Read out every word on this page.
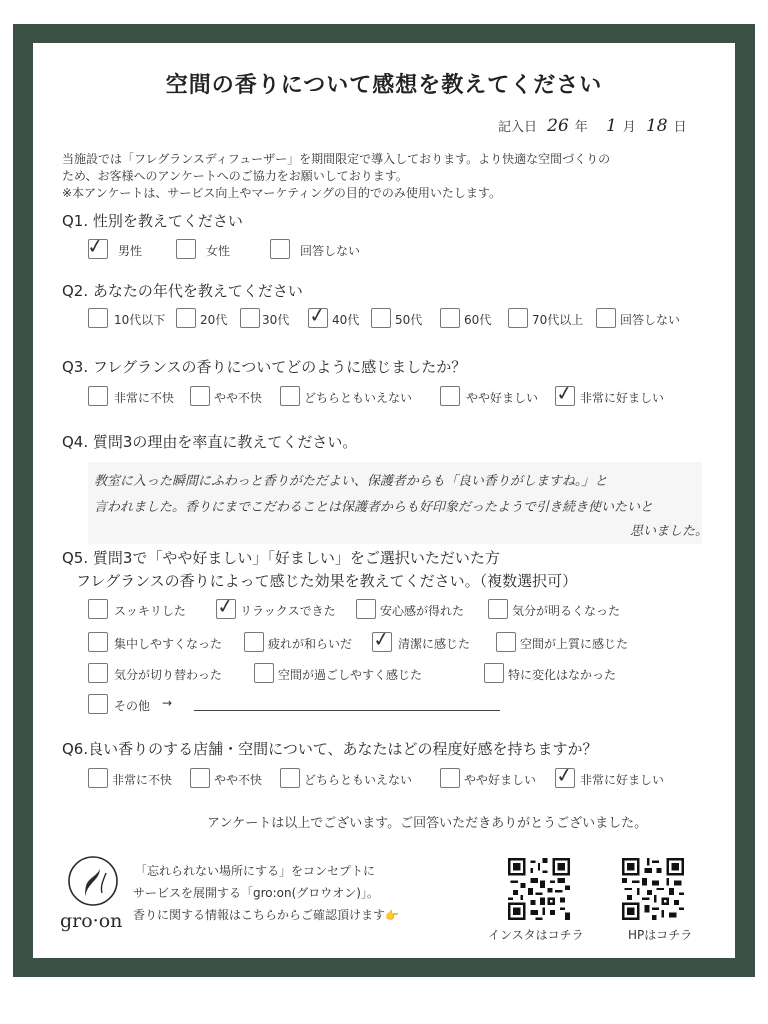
空間の香りについて感想を教えてください
記入日 26 年 1 月 18 日
当施設では「フレグランスディフューザー」を期間限定で導入しております。より快適な空間づくりの
ため、お客様へのアンケートへのご協力をお願いしております。
※本アンケートは、サービス向上やマーケティングの目的でのみ使用いたします。
Q1. 性別を教えてください
✓ 男性	女性	回答しない
Q2. あなたの年代を教えてください
10代以下	20代	30代 ✓ 40代	50代	60代	70代以上	回答しない
Q3. フレグランスの香りについてどのように感じましたか？
非常に不快	やや不快	どちらともいえない	やや好ましい ✓ 非常に好ましい
Q4. 質問3の理由を率直に教えてください。
教室に入った瞬間にふわっと香りがただよい、保護者からも「良い香りがしますね。」と
言われました。香りにまでこだわることは保護者からも好印象だったようで引き続き使いたいと
思いました。
Q5. 質問3で「やや好ましい」「好ましい」をご選択いただいた方
フレグランスの香りによって感じた効果を教えてください。（複数選択可）
スッキリした ✓ リラックスできた	安心感が得れた	気分が明るくなった
集中しやすくなった	疲れが和らいだ ✓ 清潔に感じた	空間が上質に感じた
気分が切り替わった	空間が過ごしやすく感じた	特に変化はなかった
その他 →
Q6.良い香りのする店舗・空間について、あなたはどの程度好感を持ちますか？
非常に不快	やや不快	どちらともいえない	やや好ましい ✓ 非常に好ましい
アンケートは以上でございます。ご回答いただきありがとうございました。
gro·on
「忘れられない場所にする」をコンセプトに
サービスを展開する「gro:on(グロウオン)」。
香りに関する情報はこちらからご確認頂けます👉
インスタはコチラ	HPはコチラ
